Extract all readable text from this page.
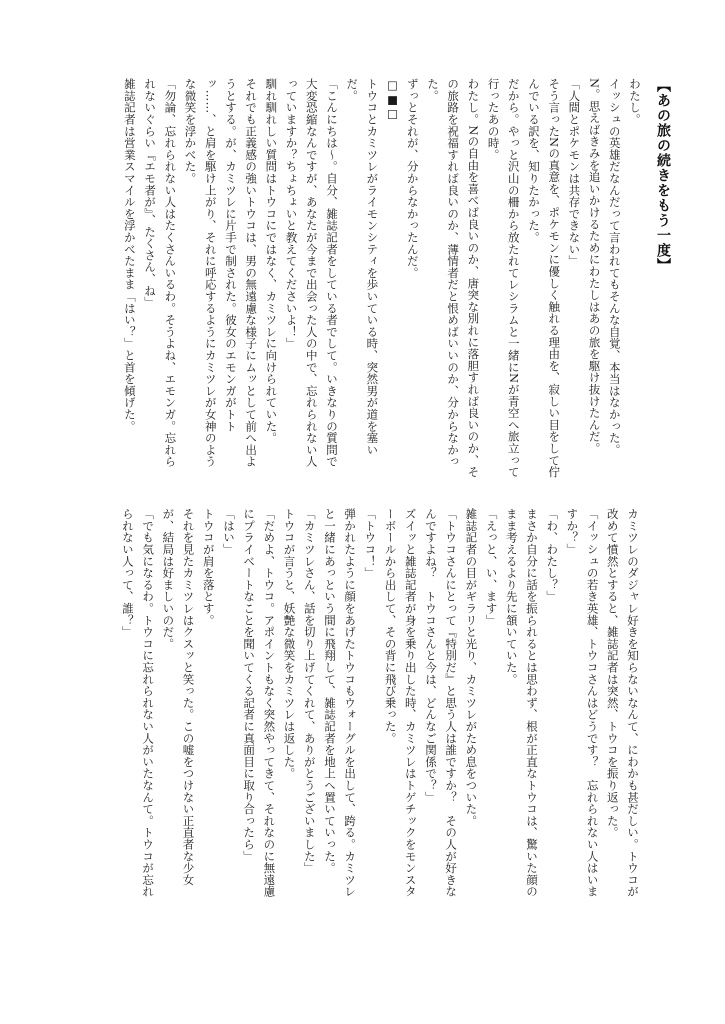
【あの旅の続きをもう一度】
わたし。
イッシュの英雄だなんだって言われてもそんな自覚、本当はなかった。
N。思えばきみを追いかけるためにわたしはあの旅を駆け抜けたんだ。
「人間とポケモンは共存できない」
そう言ったNの真意を、ポケモンに優しく触れる理由を、寂しい目をして佇んでいる訳を、知りたかった。
だから。やっと沢山の柵から放たれてレシラムと一緒にNが青空へ旅立って行ったあの時。
わたし。Nの自由を喜べば良いのか、唐突な別れに落胆すれば良いのか、その旅路を祝福すれば良いのか、薄情者だと恨めばいいのか、分からなかった。
ずっとそれが、分からなかったんだ。
□■□
トウコとカミツレがライモンシティを歩いている時、突然男が道を塞いだ。
「こんにちは〜。自分、雑誌記者をしている者でして。いきなりの質問で大変恐縮なんですが、あなたが今まで出会った人の中で、忘れられない人っていますか？ちょちょいと教えてくださいよ！」
馴れ馴れしい質問はトウコにではなく、カミツレに向けられていた。
それでも正義感の強いトウコは、男の無遠慮な様子にムッとして前へ出ようとする。が、カミツレに片手で制された。彼女のエモンガがトトッ……、と肩を駆け上がり、それに呼応するようにカミツレが女神のような微笑を浮かべた。
「勿論、忘れられない人はたくさんいるわ。そうよね、エモンガ。忘れられないぐらい『エモ者が』、たくさん、ね」
雑誌記者は営業スマイルを浮かべたまま「はい？」と首を傾げた。
カミツレのダジャレ好きを知らないなんて、にわかも甚だしい。トウコが改めて憤然とすると、雑誌記者は突然、トウコを振り返った。
「イッシュの若き英雄、トウコさんはどうです？　忘れられない人はいますか？」
「わ、わたし？」
まさか自分に話を振られるとは思わず、根が正直なトウコは、驚いた顔のまま考えるより先に頷いていた。
「えっと、い、ます」
雑誌記者の目がギラリと光り、カミツレがため息をついた。
「トウコさんにとって『特別だ』と思う人は誰ですか？　その人が好きなんですよね？　トウコさんと今は、どんなご関係で？」
ズイッと雑誌記者が身を乗り出した時、カミツレはトゲチックをモンスターボールから出して、その背に飛び乗った。
「トウコ！」
弾かれたように顔をあげたトウコもウォーグルを出して、跨る。カミツレと一緒にあっという間に飛翔して、雑誌記者を地上へ置いていった。
「カミツレさん、話を切り上げてくれて、ありがとうございました」
トウコが言うと、妖艶な微笑をカミツレは返した。
「だめよ、トウコ。アポイントもなく突然やってきて、それなのに無遠慮にプライベートなことを聞いてくる記者に真面目に取り合ったら」
「はい」
トウコが肩を落とす。
それを見たカミツレはクスッと笑った。この嘘をつけない正直者な少女が、結局は好ましいのだ。
「でも気になるわ。トウコに忘れられない人がいたなんて。トウコが忘れられない人って、誰？」
